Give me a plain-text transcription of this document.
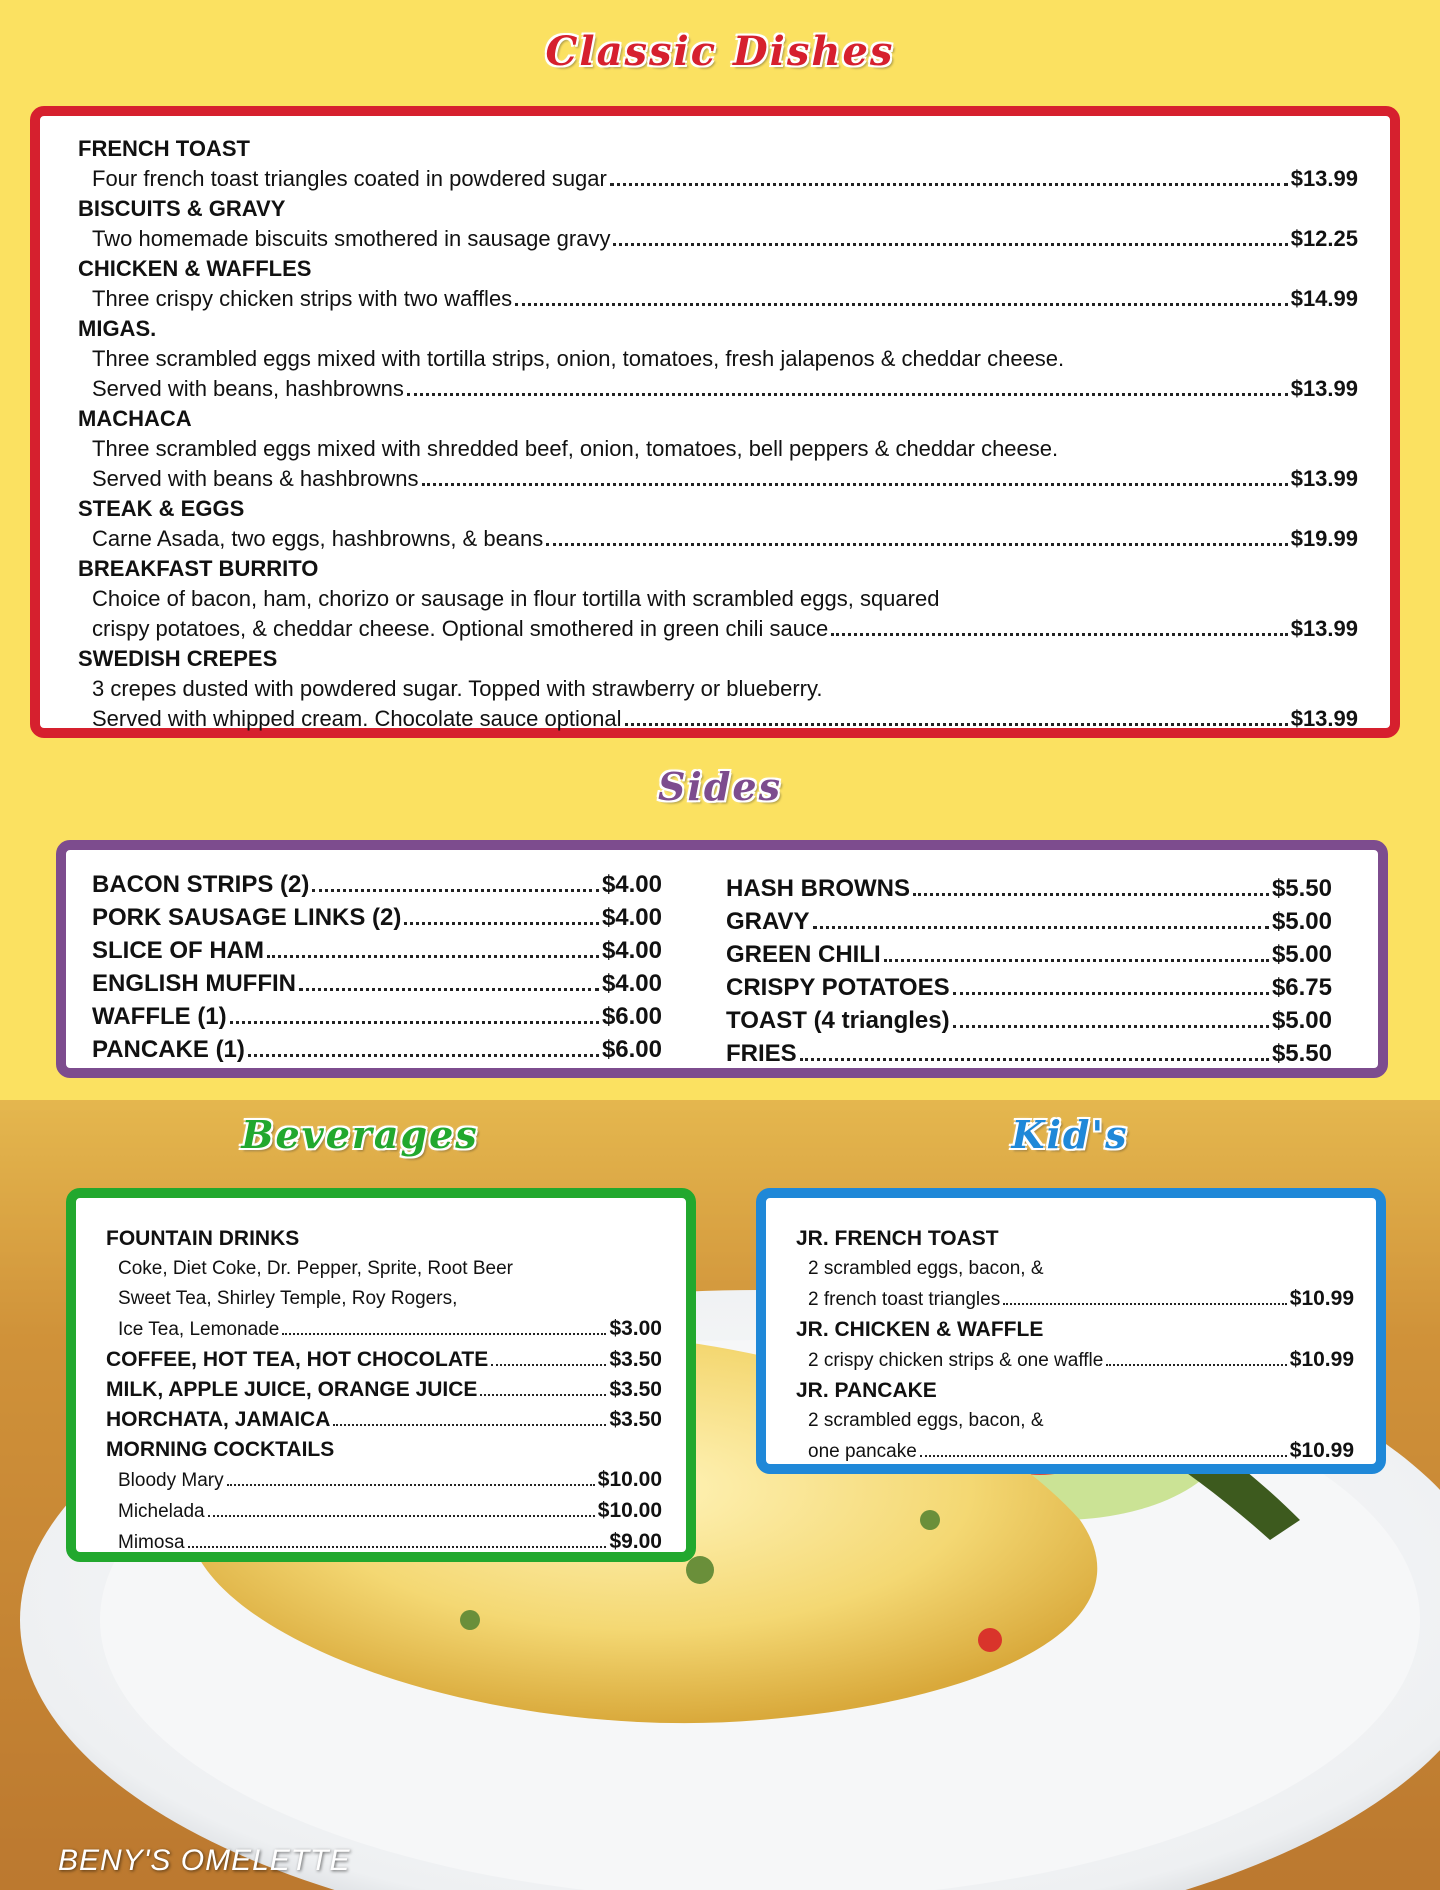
BENY'S OMELETTE
Classic Dishes
FRENCH TOAST
Four french toast triangles coated in powdered sugar	$13.99
BISCUITS & GRAVY
Two homemade biscuits smothered in sausage gravy	$12.25
CHICKEN & WAFFLES
Three crispy chicken strips with two waffles	$14.99
MIGAS.
Three scrambled eggs mixed with tortilla strips, onion, tomatoes, fresh jalapenos & cheddar cheese.
Served with beans, hashbrowns	$13.99
MACHACA
Three scrambled eggs mixed with shredded beef, onion, tomatoes, bell peppers & cheddar cheese.
Served with beans & hashbrowns	$13.99
STEAK & EGGS
Carne Asada, two eggs, hashbrowns, & beans	$19.99
BREAKFAST BURRITO
Choice of bacon, ham, chorizo or sausage in flour tortilla with scrambled eggs, squared
crispy potatoes, & cheddar cheese. Optional smothered in green chili sauce	$13.99
SWEDISH CREPES
3 crepes dusted with powdered sugar. Topped with strawberry or blueberry.
Served with whipped cream. Chocolate sauce optional	$13.99
Sides
BACON STRIPS (2)	$4.00
PORK SAUSAGE LINKS (2)	$4.00
SLICE OF HAM	$4.00
ENGLISH MUFFIN	$4.00
WAFFLE (1)	$6.00
PANCAKE (1)	$6.00
HASH BROWNS	$5.50
GRAVY	$5.00
GREEN CHILI	$5.00
CRISPY POTATOES	$6.75
TOAST (4 triangles)	$5.00
FRIES	$5.50
Beverages
FOUNTAIN DRINKS
Coke, Diet Coke, Dr. Pepper, Sprite, Root Beer
Sweet Tea, Shirley Temple, Roy Rogers,
Ice Tea, Lemonade	$3.00
COFFEE, HOT TEA, HOT CHOCOLATE	$3.50
MILK, APPLE JUICE, ORANGE JUICE	$3.50
HORCHATA, JAMAICA	$3.50
MORNING COCKTAILS
Bloody Mary	$10.00
Michelada	$10.00
Mimosa	$9.00
Kid's
JR. FRENCH TOAST
2 scrambled eggs, bacon, &
2 french toast triangles	$10.99
JR. CHICKEN & WAFFLE
2 crispy chicken strips & one waffle	$10.99
JR. PANCAKE
2 scrambled eggs, bacon, &
one pancake	$10.99
